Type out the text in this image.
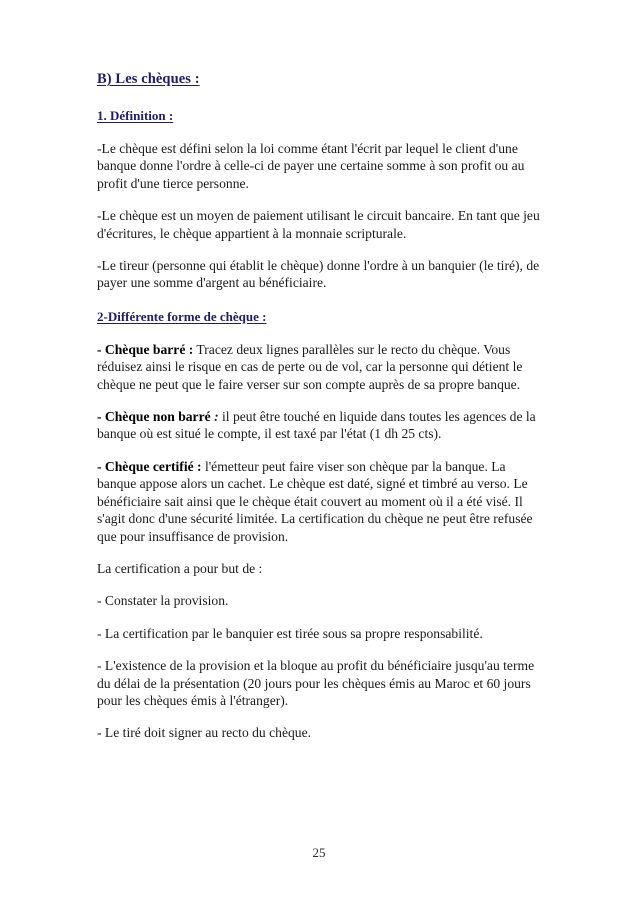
B) Les chèques :
1. Définition :

-Le chèque est défini selon la loi comme étant l'écrit par lequel le client d'une banque donne l'ordre à celle-ci de payer une certaine somme à son profit ou au profit d'une tierce personne.

-Le chèque est un moyen de paiement utilisant le circuit bancaire. En tant que jeu d'écritures, le chèque appartient à la monnaie scripturale.

-Le tireur (personne qui établit le chèque) donne l'ordre à un banquier (le tiré), de payer une somme d'argent au bénéficiaire.

2-Différente forme de chèque :

- Chèque barré : Tracez deux lignes parallèles sur le recto du chèque. Vous réduisez ainsi le risque en cas de perte ou de vol, car la personne qui détient le chèque ne peut que le faire verser sur son compte auprès de sa propre banque.

- Chèque non barré : il peut être touché en liquide dans toutes les agences de la banque où est situé le compte, il est taxé par l'état (1 dh 25 cts).

- Chèque certifié : l'émetteur peut faire viser son chèque par la banque. La banque appose alors un cachet. Le chèque est daté, signé et timbré au verso. Le bénéficiaire sait ainsi que le chèque était couvert au moment où il a été visé. Il s'agit donc d'une sécurité limitée. La certification du chèque ne peut être refusée que pour insuffisance de provision.

La certification a pour but de :

- Constater la provision.

- La certification par le banquier est tirée sous sa propre responsabilité.

- L'existence de la provision et la bloque au profit du bénéficiaire jusqu'au terme du délai de la présentation (20 jours pour les chèques émis au Maroc et 60 jours pour les chèques émis à l'étranger).

- Le tiré doit signer au recto du chèque.

25
